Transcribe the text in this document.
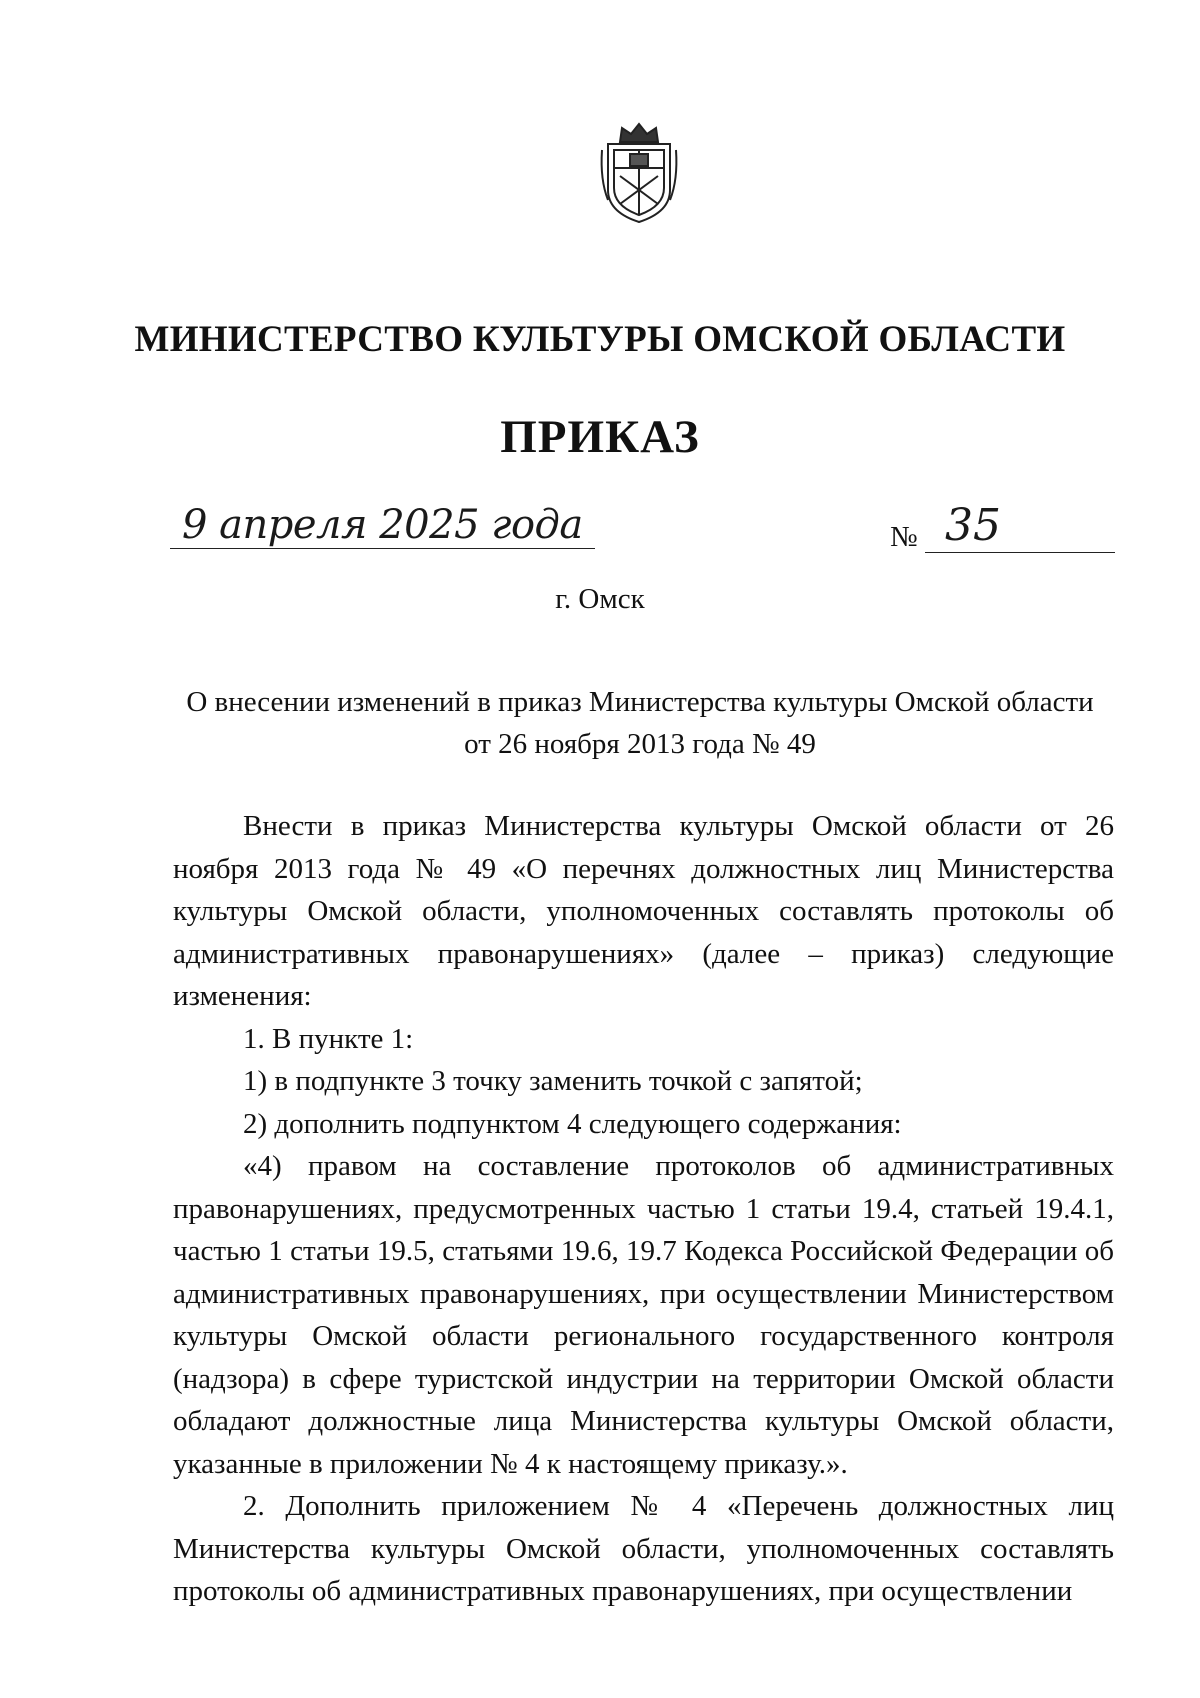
МИНИСТЕРСТВО КУЛЬТУРЫ ОМСКОЙ ОБЛАСТИ
ПРИКАЗ
9 апреля 2025 года	№ 35
г. Омск
О внесении изменений в приказ Министерства культуры Омской области
от 26 ноября 2013 года № 49

Внести в приказ Министерства культуры Омской области от 26 ноября 2013 года № 49 «О перечнях должностных лиц Министерства культуры Омской области, уполномоченных составлять протоколы об административных правонарушениях» (далее – приказ) следующие изменения:

1. В пункте 1:

1) в подпункте 3 точку заменить точкой с запятой;

2) дополнить подпунктом 4 следующего содержания:

«4) правом на составление протоколов об административных правонарушениях, предусмотренных частью 1 статьи 19.4, статьей 19.4.1, частью 1 статьи 19.5, статьями 19.6, 19.7 Кодекса Российской Федерации об административных правонарушениях, при осуществлении Министерством культуры Омской области регионального государственного контроля (надзора) в сфере туристской индустрии на территории Омской области обладают должностные лица Министерства культуры Омской области, указанные в приложении № 4 к настоящему приказу.».

2. Дополнить приложением № 4 «Перечень должностных лиц Министерства культуры Омской области, уполномоченных составлять протоколы об административных правонарушениях, при осуществлении
